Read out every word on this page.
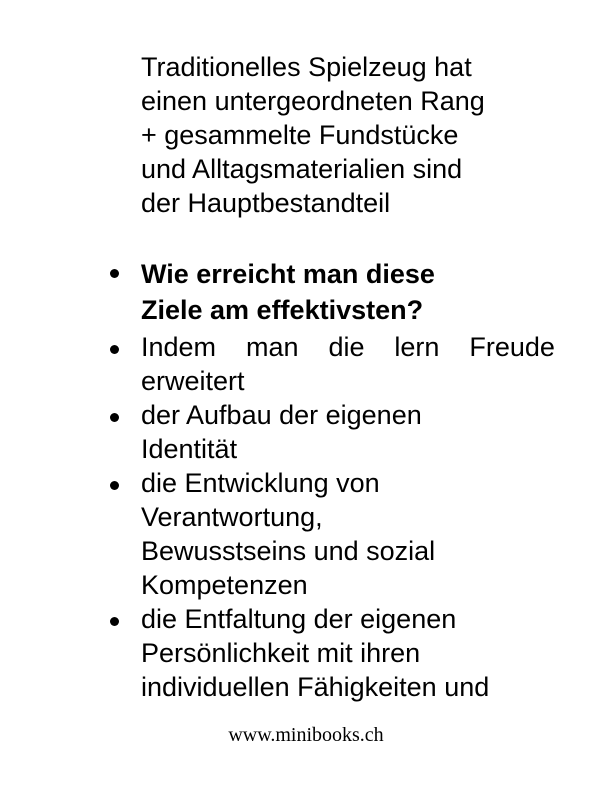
Traditionelles Spielzeug hat
einen untergeordneten Rang
+ gesammelte Fundstücke
und Alltagsmaterialien sind
der Hauptbestandteil
Wie erreicht man diese
Ziele am effektivsten?
Indem man die lern Freude
erweitert
der Aufbau der eigenen
Identität
die Entwicklung von
Verantwortung,
Bewusstseins und sozial
Kompetenzen
die Entfaltung der eigenen
Persönlichkeit mit ihren
individuellen Fähigkeiten und
www.minibooks.ch
